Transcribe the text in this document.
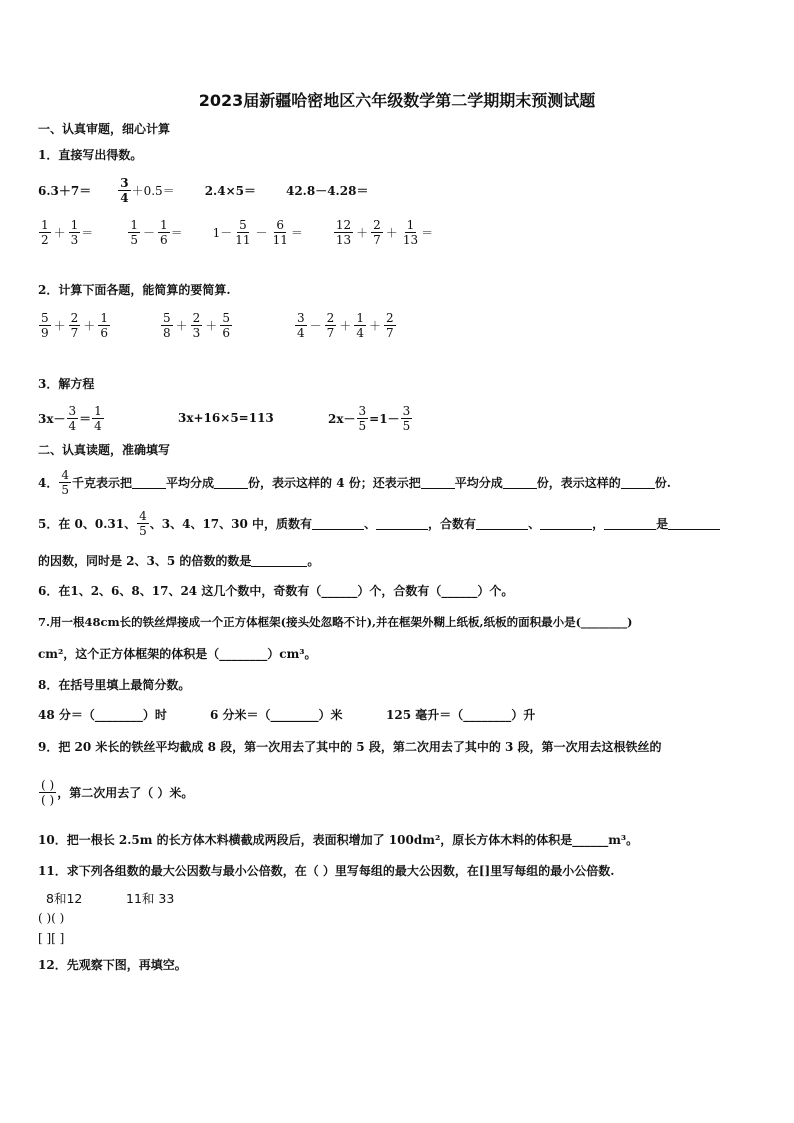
2023届新疆哈密地区六年级数学第二学期期末预测试题
一、认真审题，细心计算
1．直接写出得数。
$6.3+7= \frac{3}{4} +0.5=$	2.4×5＝	42.8－4.28＝
$\frac{1}{2} + \frac{1}{3}$ ＝	$\frac{1}{5} - \frac{1}{6}$ ＝	$1- \frac{5}{11} - \frac{6}{11}$ ＝	$\frac{12}{13} + \frac{2}{7} + \frac{1}{13}$ ＝
2．计算下面各题，能简算的要简算.
$\frac{5}{9} + \frac{2}{7} + \frac{1}{6}$	$\frac{5}{8} + \frac{2}{3} + \frac{5}{6}$	$\frac{3}{4} - \frac{2}{7} + \frac{1}{4} + \frac{2}{7}$
3．解方程
$3x- \frac{3}{4} = \frac{1}{4}$	3x+16×5=113	$2x- \frac{3}{5} =1- \frac{3}{5}$
二、认真读题，准确填写
4． $\frac{4}{5}$ 千克表示把	平均分成	份，表示这样的 4 份；还表示把	平均分成	份，表示这样的	份.
5．在 0、0.31、 $\frac{4}{5}$ 、3、4、17、30 中，质数有	、	，合数有	、	，	是
的因数，同时是 2、3、5 的倍数的数是	。
6．在1、2、6、8、17、24 这几个数中，奇数有（______）个，合数有（______）个。
7.用一根48cm长的铁丝焊接成一个正方体框架(接头处忽略不计),并在框架外糊上纸板,纸板的面积最小是(________)
cm²，这个正方体框架的体积是（________）cm³。
8．在括号里填上最简分数。
48 分＝（________）时	6 分米＝（________）米	125 毫升＝（________）升
9．把 20 米长的铁丝平均截成 8 段，第一次用去了其中的 5 段，第二次用去了其中的 3 段，第一次用去这根铁丝的
$\frac{( )}{( )}$ ，第二次用去了（ ）米。
10．把一根长 2.5m 的长方体木料横截成两段后，表面积增加了 100dm²，原长方体木料的体积是______m³。
11．求下列各组数的最大公因数与最小公倍数，在（ ）里写每组的最大公因数，在[]里写每组的最小公倍数.
8和12	11和 33
( )( )
[ ][ ]
12．先观察下图，再填空。
